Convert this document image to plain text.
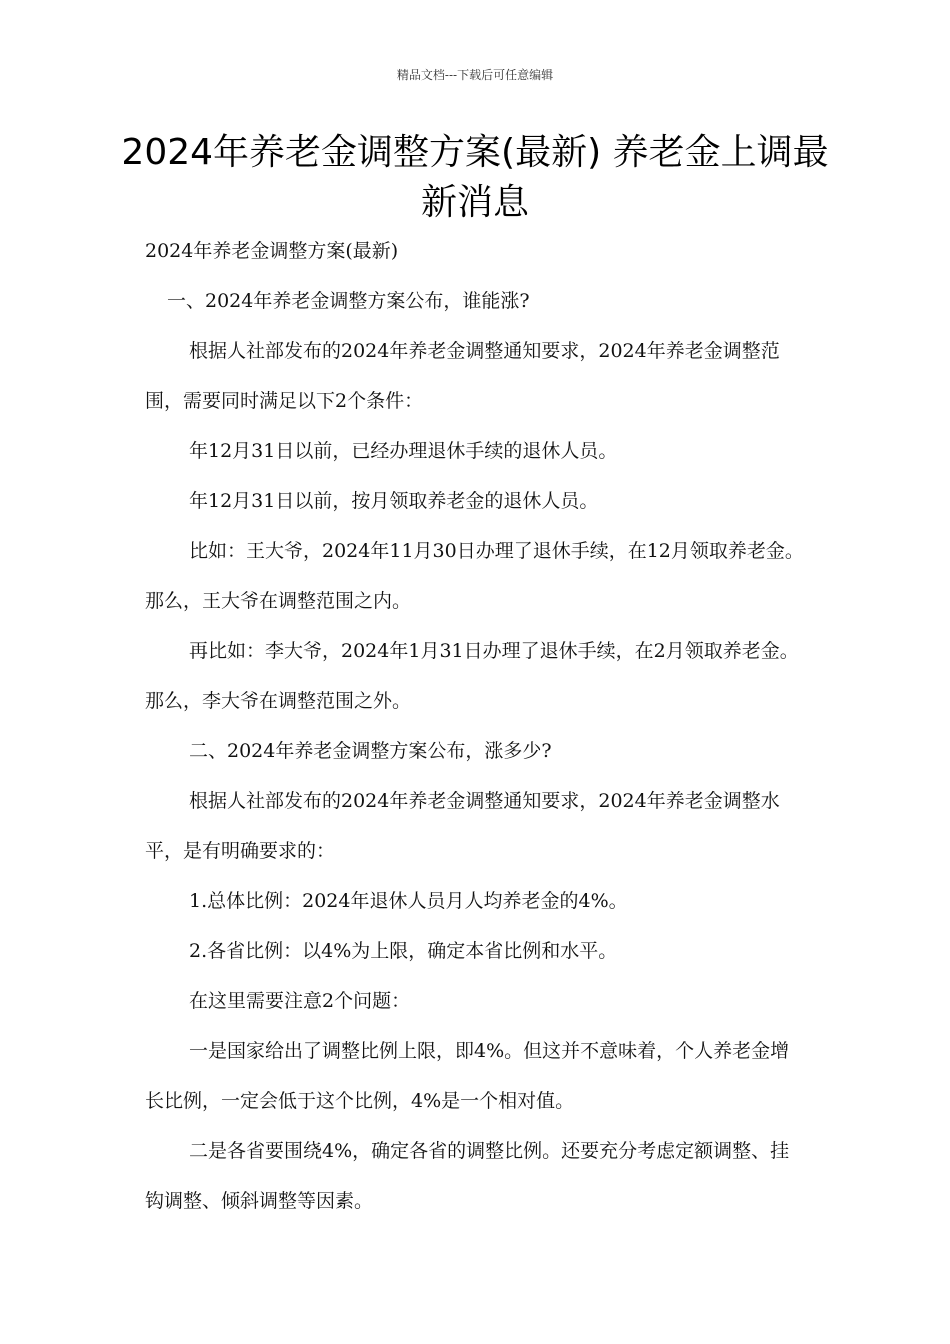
精品文档---下载后可任意编辑
2024年养老金调整方案(最新) 养老金上调最新消息

2024年养老金调整方案(最新)

一、2024年养老金调整方案公布，谁能涨?

根据人社部发布的2024年养老金调整通知要求，2024年养老金调整范围，需要同时满足以下2个条件：

年12月31日以前，已经办理退休手续的退休人员。

年12月31日以前，按月领取养老金的退休人员。

比如：王大爷，2024年11月30日办理了退休手续，在12月领取养老金。那么，王大爷在调整范围之内。

再比如：李大爷，2024年1月31日办理了退休手续，在2月领取养老金。那么，李大爷在调整范围之外。

二、2024年养老金调整方案公布，涨多少?

根据人社部发布的2024年养老金调整通知要求，2024年养老金调整水平，是有明确要求的：

1.总体比例：2024年退休人员月人均养老金的4%。

2.各省比例：以4%为上限，确定本省比例和水平。

在这里需要注意2个问题：

一是国家给出了调整比例上限，即4%。但这并不意味着，个人养老金增长比例，一定会低于这个比例，4%是一个相对值。

二是各省要围绕4%，确定各省的调整比例。还要充分考虑定额调整、挂钩调整、倾斜调整等因素。
